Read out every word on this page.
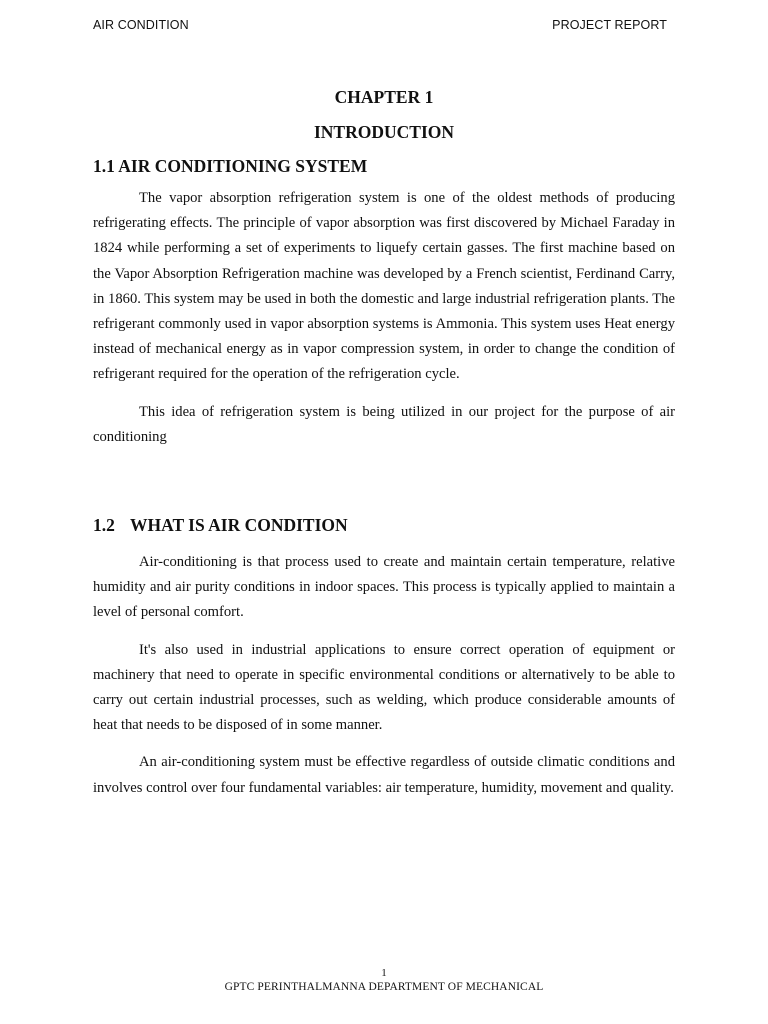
AIR CONDITION	PROJECT REPORT
CHAPTER 1
INTRODUCTION
1.1 AIR CONDITIONING SYSTEM

The vapor absorption refrigeration system is one of the oldest methods of producing refrigerating effects. The principle of vapor absorption was first discovered by Michael Faraday in 1824 while performing a set of experiments to liquefy certain gasses. The first machine based on the Vapor Absorption Refrigeration machine was developed by a French scientist, Ferdinand Carry, in 1860. This system may be used in both the domestic and large industrial refrigeration plants. The refrigerant commonly used in vapor absorption systems is Ammonia. This system uses Heat energy instead of mechanical energy as in vapor compression system, in order to change the condition of refrigerant required for the operation of the refrigeration cycle.

This idea of refrigeration system is being utilized in our project for the purpose of air conditioning

1.2 WHAT IS AIR CONDITION

Air-conditioning is that process used to create and maintain certain temperature, relative humidity and air purity conditions in indoor spaces. This process is typically applied to maintain a level of personal comfort.

It's also used in industrial applications to ensure correct operation of equipment or machinery that need to operate in specific environmental conditions or alternatively to be able to carry out certain industrial processes, such as welding, which produce considerable amounts of heat that needs to be disposed of in some manner.

An air-conditioning system must be effective regardless of outside climatic conditions and involves control over four fundamental variables: air temperature, humidity, movement and quality.

1
GPTC PERINTHALMANNA DEPARTMENT OF MECHANICAL
